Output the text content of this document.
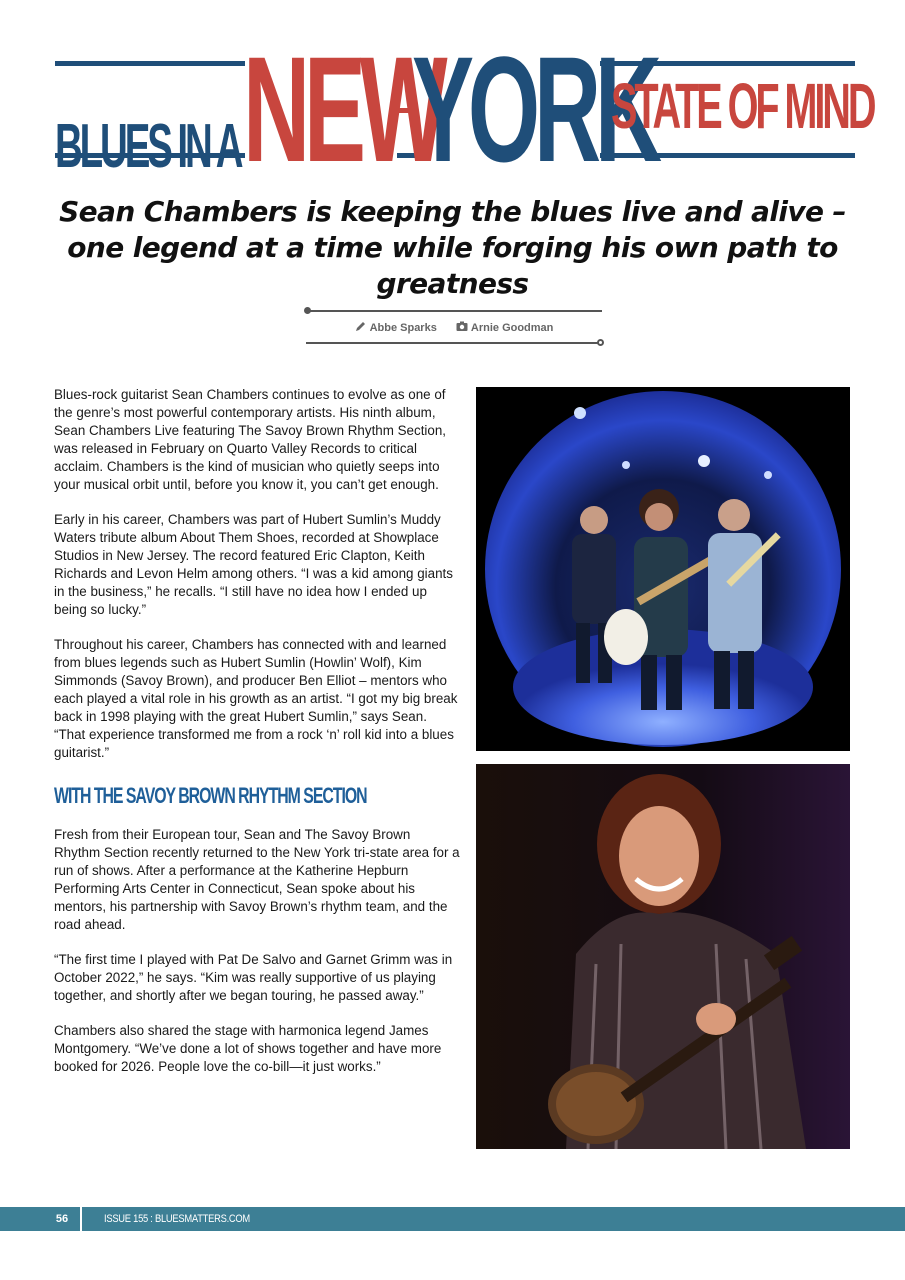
BLUES IN A NEW
YORK
STATE OF MIND
Sean Chambers is keeping the blues live and alive – one legend at a time while forging his own path to greatness
Abbe Sparks
	Arnie Goodman

Blues-rock guitarist Sean Chambers continues to evolve as one of the genre’s most powerful contemporary artists. His ninth album, Sean Chambers Live featuring The Savoy Brown Rhythm Section, was released in February on Quarto Valley Records to critical acclaim. Chambers is the kind of musician who quietly seeps into your musical orbit until, before you know it, you can’t get enough.

Early in his career, Chambers was part of Hubert Sumlin’s Muddy Waters tribute album About Them Shoes, recorded at Showplace Studios in New Jersey. The record featured Eric Clapton, Keith Richards and Levon Helm among others. “I was a kid among giants in the business,” he recalls. “I still have no idea how I ended up being so lucky.”

Throughout his career, Chambers has connected with and learned from blues legends such as Hubert Sumlin (Howlin’ Wolf), Kim Simmonds (Savoy Brown), and producer Ben Elliot – mentors who each played a vital role in his growth as an artist. “I got my big break back in 1998 playing with the great Hubert Sumlin,” says Sean. “That experience transformed me from a rock ‘n’ roll kid into a blues guitarist.”

WITH THE SAVOY BROWN RHYTHM SECTION

Fresh from their European tour, Sean and The Savoy Brown Rhythm Section recently returned to the New York tri-state area for a run of shows. After a performance at the Katherine Hepburn Performing Arts Center in Connecticut, Sean spoke about his mentors, his partnership with Savoy Brown’s rhythm team, and the road ahead.

“The first time I played with Pat De Salvo and Garnet Grimm was in October 2022,” he says. “Kim was really supportive of us playing together, and shortly after we began touring, he passed away.”

Chambers also shared the stage with harmonica legend James Montgomery. “We’ve done a lot of shows together and have more booked for 2026. People love the co-bill—it just works.”

56	ISSUE 155 : BLUESMATTERS.COM
